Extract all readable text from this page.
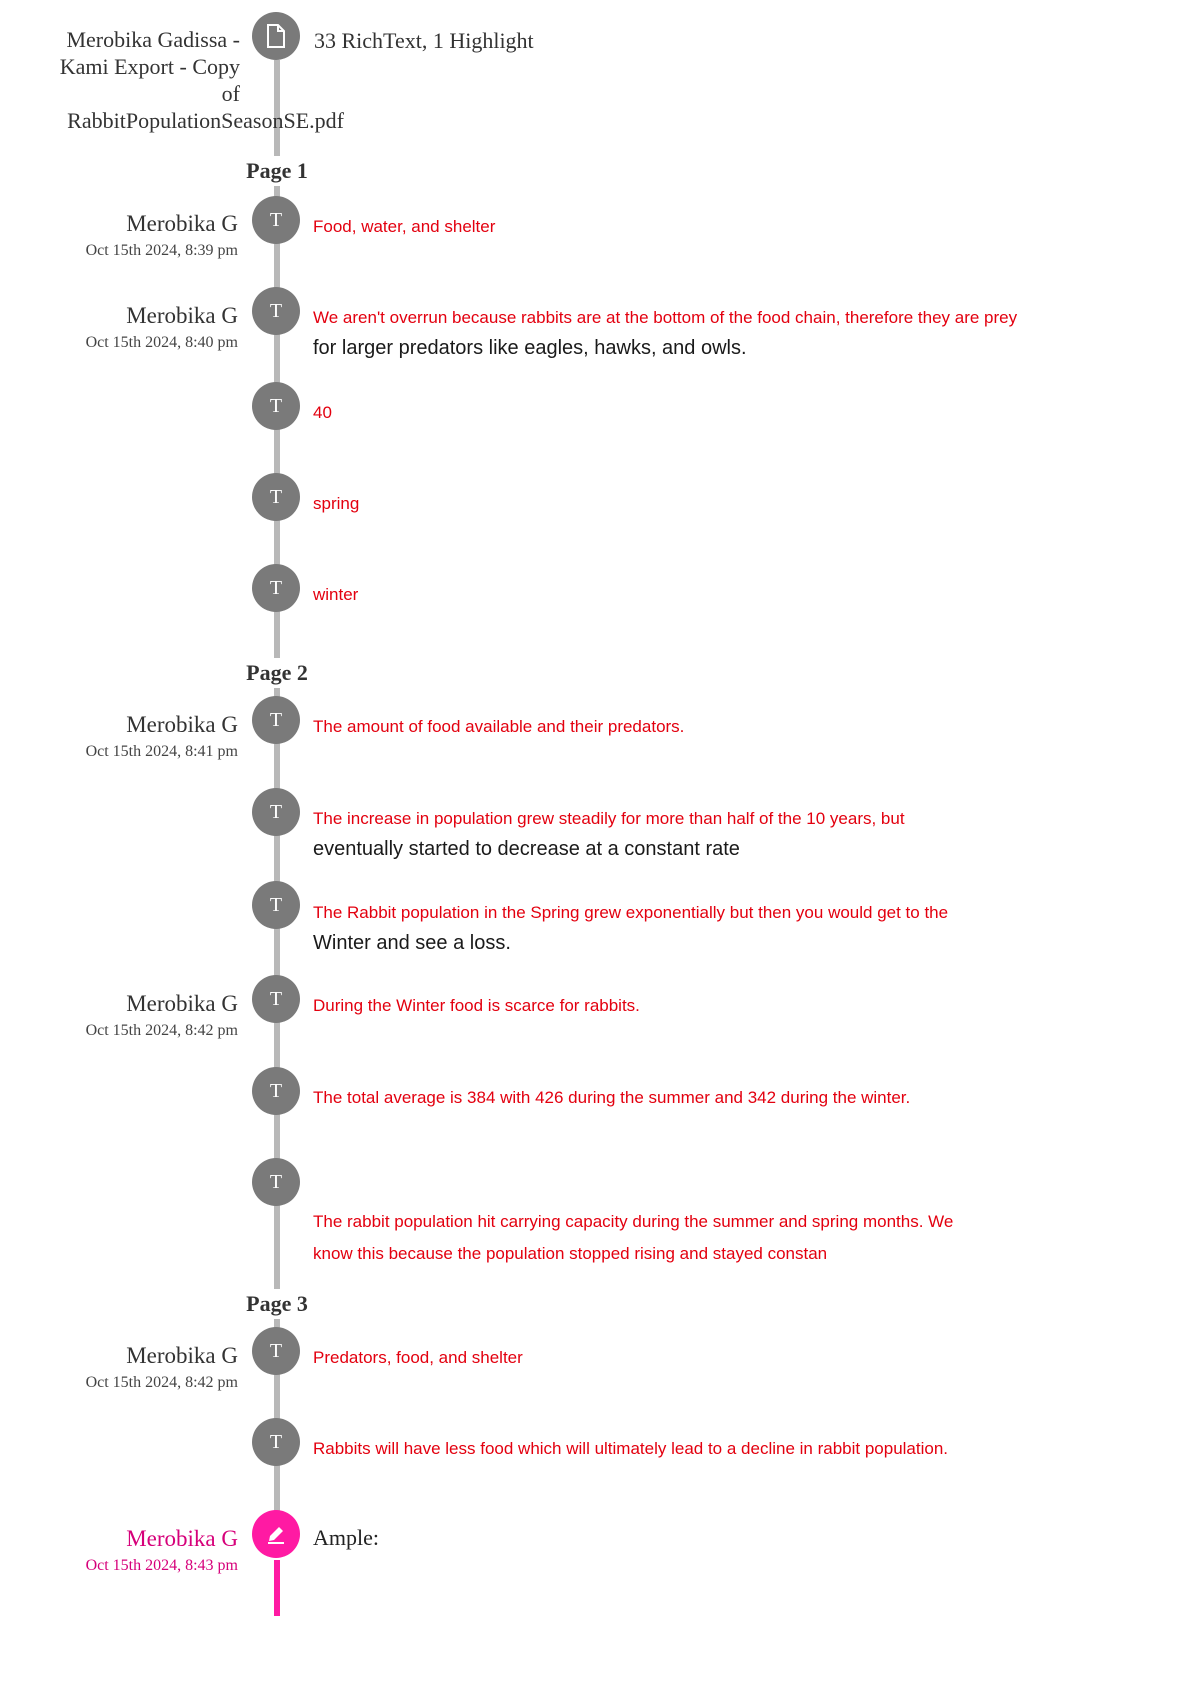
Merobika Gadissa -
Kami Export - Copy
of
RabbitPopulationSeasonSE.pdf
33 RichText, 1 Highlight
Page 1
Merobika G
Oct 15th 2024, 8:39 pm
T	Food, water, and shelter
Merobika G
Oct 15th 2024, 8:40 pm
T	We aren't overrun because rabbits are at the bottom of the food chain, therefore they are prey
for larger predators like eagles, hawks, and owls.
T	40
T	spring
T	winter
Page 2
Merobika G
Oct 15th 2024, 8:41 pm
T	The amount of food available and their predators.
T	The increase in population grew steadily for more than half of the 10 years, but
eventually started to decrease at a constant rate
T	The Rabbit population in the Spring grew exponentially but then you would get to the
Winter and see a loss.
Merobika G
Oct 15th 2024, 8:42 pm
T	During the Winter food is scarce for rabbits.
T	The total average is 384 with 426 during the summer and 342 during the winter.
T
The rabbit population hit carrying capacity during the summer and spring months. We
know this because the population stopped rising and stayed constan
Page 3
Merobika G
Oct 15th 2024, 8:42 pm
T	Predators, food, and shelter
T	Rabbits will have less food which will ultimately lead to a decline in rabbit population.
Merobika G
Oct 15th 2024, 8:43 pm
Ample:
